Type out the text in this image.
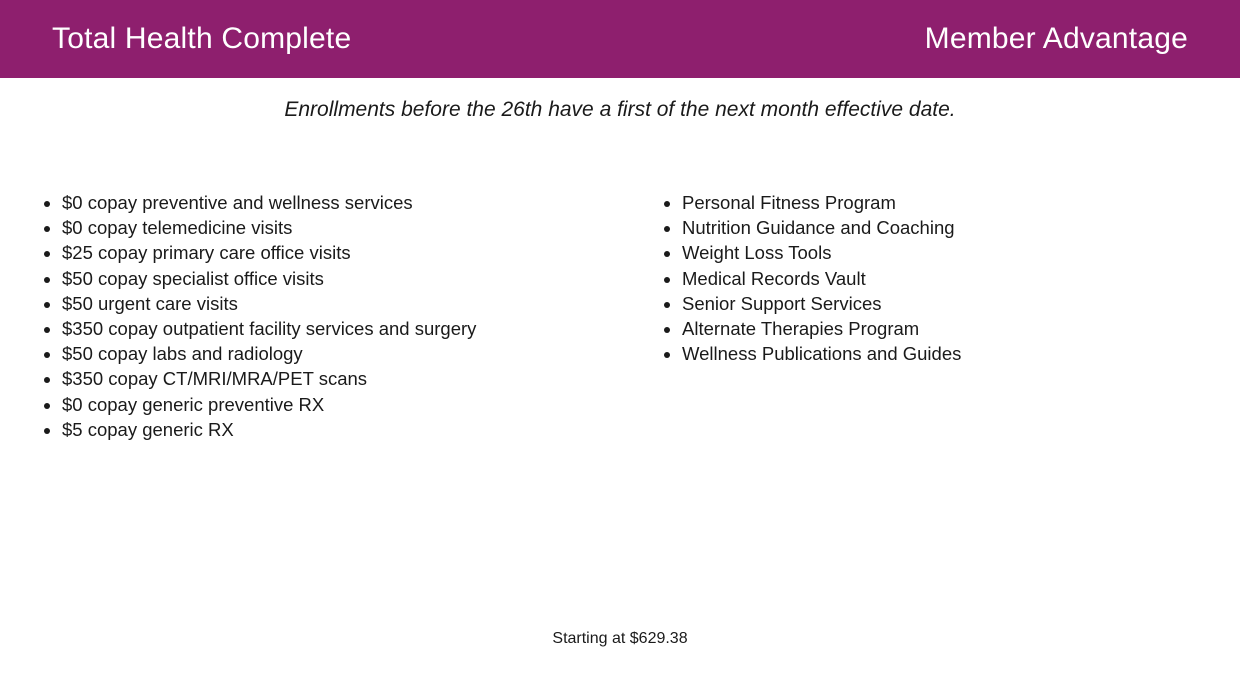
Total Health Complete	Member Advantage
Enrollments before the 26th have a first of the next month effective date.
• $0 copay preventive and wellness services
• $0 copay telemedicine visits
• $25 copay primary care office visits
• $50 copay specialist office visits
• $50 urgent care visits
• $350 copay outpatient facility services and surgery
• $50 copay labs and radiology
• $350 copay CT/MRI/MRA/PET scans
• $0 copay generic preventive RX
• $5 copay generic RX
• Personal Fitness Program
• Nutrition Guidance and Coaching
• Weight Loss Tools
• Medical Records Vault
• Senior Support Services
• Alternate Therapies Program
• Wellness Publications and Guides
Starting at $629.38
